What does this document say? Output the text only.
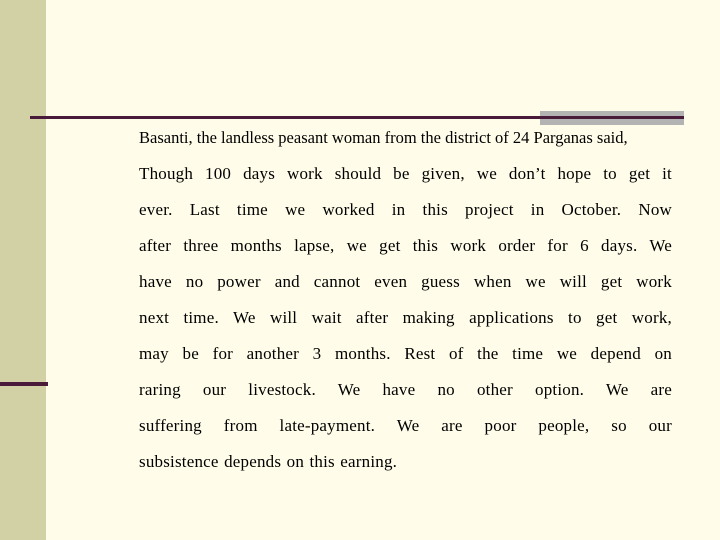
Basanti, the landless peasant woman from the district of 24 Parganas said,
Though 100 days work should be given, we don’t hope to get it
ever. Last time we worked in this project in October. Now
after three months lapse, we get this work order for 6 days. We
have no power and cannot even guess when we will get work
next time. We will wait after making applications to get work,
may be for another 3 months. Rest of the time we depend on
raring our livestock. We have no other option. We are
suffering from late-payment. We are poor people, so our
subsistence depends on this earning.
